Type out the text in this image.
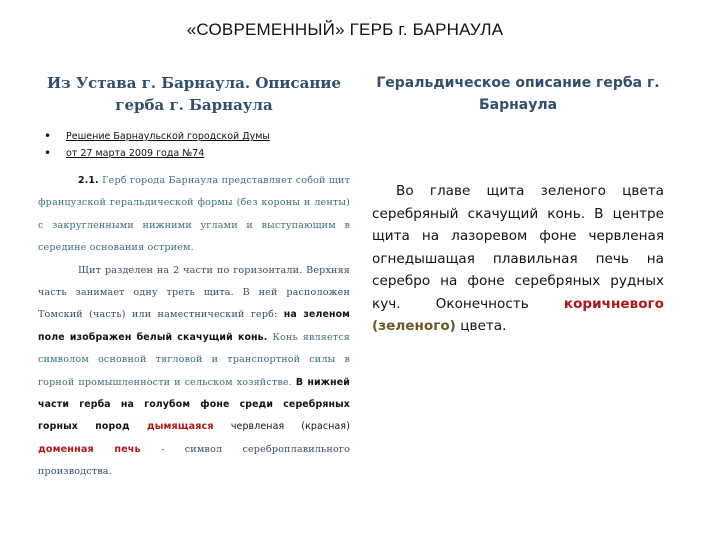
«СОВРЕМЕННЫЙ» ГЕРБ г. БАРНАУЛА
Из Устава г. Барнаула. Описание герба г. Барнаула
• Решение Барнаульской городской Думы
• от 27 марта 2009 года №74

2.1. Герб города Барнаула представляет собой щит французской геральдической формы (без короны и ленты) с закругленными нижними углами и выступающим в середине основания острием.

Щит разделен на 2 части по горизонтали. Верхняя часть занимает одну треть щита. В ней расположен Томский (часть) или наместнический герб: на зеленом поле изображен белый скачущий конь. Конь является символом основной тягловой и транспортной силы в горной промышленности и сельском хозяйстве. В нижней части герба на голубом фоне среди серебряных горных пород дымящаяся червленая (красная) доменная печь - символ сереброплавильного производства.

Геральдическое описание герба г. Барнаула

Во главе щита зеленого цвета серебряный скачущий конь. В центре щита на лазоревом фоне червленая огнедышащая плавильная печь на серебро на фоне серебряных рудных куч. Оконечность	коричневого (зеленого) цвета.
